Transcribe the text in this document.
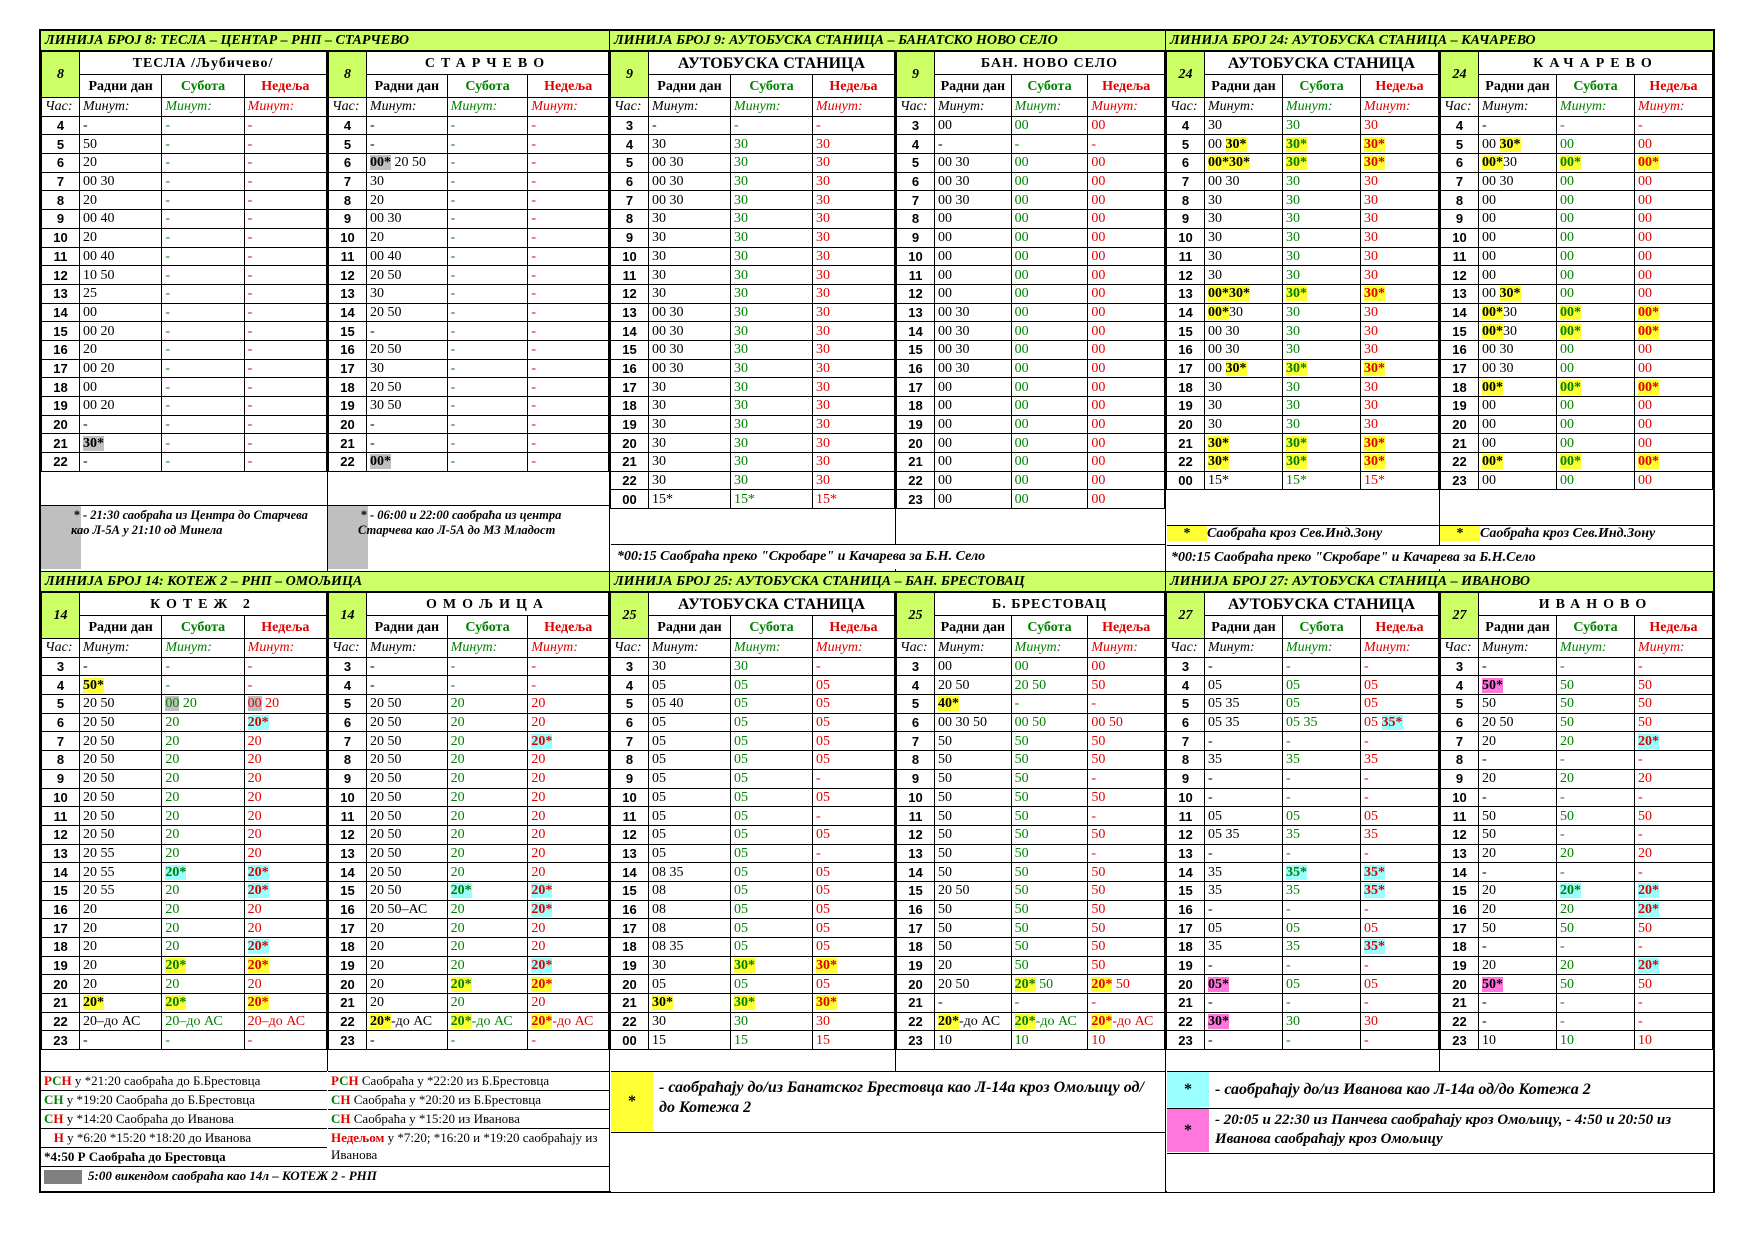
ЛИНИЈА БРОЈ 8: ТЕСЛА – ЦЕНТАР – РНП – СТАРЧЕВО
8	ТЕСЛА /Љубичево/		
	Радни дан	Субота	Недеља
Час:	Минут:	Минут:	Минут:
4	-	-	-
5	50	-	-
6	20	-	-
7	00 30	-	-
8	20	-	-
9	00 40	-	-
10	20	-	-
11	00 40	-	-
12	10 50	-	-
13	25	-	-
14	00	-	-
15	00 20	-	-
16	20	-	-
17	00 20	-	-
18	00	-	-
19	00 20	-	-
20	-	-	-
21	30*	-	-
22	-	-	-
8	СТАРЧЕВО		
	Радни дан	Субота	Недеља
Час:	Минут:	Минут:	Минут:
4	-	-	-
5	-	-	-
6	00* 20 50	-	-
7	30	-	-
8	20	-	-
9	00 30	-	-
10	20	-	-
11	00 40	-	-
12	20 50	-	-
13	30	-	-
14	20 50	-	-
15	-	-	-
16	20 50	-	-
17	30	-	-
18	20 50	-	-
19	30 50	-	-
20	-	-	-
21	-	-	-
22	00*	-	-
ЛИНИЈА БРОЈ 9: АУТОБУСКА СТАНИЦА – БАНАТСКО НОВО СЕЛО
9	АУТОБУСКА СТАНИЦА		
	Радни дан	Субота	Недеља
Час:	Минут:	Минут:	Минут:
3	-	-	-
4	30	30	30
5	00 30	30	30
6	00 30	30	30
7	00 30	30	30
8	30	30	30
9	30	30	30
10	30	30	30
11	30	30	30
12	30	30	30
13	00 30	30	30
14	00 30	30	30
15	00 30	30	30
16	00 30	30	30
17	30	30	30
18	30	30	30
19	30	30	30
20	30	30	30
21	30	30	30
22	30	30	30
00	15*	15*	15*
9	БАН. НОВО СЕЛО		
	Радни дан	Субота	Недеља
Час:	Минут:	Минут:	Минут:
3	00	00	00
4	-	-	-
5	00 30	00	00
6	00 30	00	00
7	00 30	00	00
8	00	00	00
9	00	00	00
10	00	00	00
11	00	00	00
12	00	00	00
13	00 30	00	00
14	00 30	00	00
15	00 30	00	00
16	00 30	00	00
17	00	00	00
18	00	00	00
19	00	00	00
20	00	00	00
21	00	00	00
22	00	00	00
23	00	00	00
ЛИНИЈА БРОЈ 24: АУТОБУСКА СТАНИЦА – КАЧАРЕВО
24	АУТОБУСКА СТАНИЦА		
	Радни дан	Субота	Недеља
Час:	Минут:	Минут:	Минут:
4	30	30	30
5	00 30*	30*	30*
6	00*30*	30*	30*
7	00 30	30	30
8	30	30	30
9	30	30	30
10	30	30	30
11	30	30	30
12	30	30	30
13	00*30*	30*	30*
14	00*30	30	30
15	00 30	30	30
16	00 30	30	30
17	00 30*	30*	30*
18	30	30	30
19	30	30	30
20	30	30	30
21	30*	30*	30*
22	30*	30*	30*
00	15*	15*	15*
24	КАЧАРЕВО		
	Радни дан	Субота	Недеља
Час:	Минут:	Минут:	Минут:
4	-	-	-
5	00 30*	00	00
6	00*30	00*	00*
7	00 30	00	00
8	00	00	00
9	00	00	00
10	00	00	00
11	00	00	00
12	00	00	00
13	00 30*	00	00
14	00*30	00*	00*
15	00*30	00*	00*
16	00 30	00	00
17	00 30	00	00
18	00*	00*	00*
19	00	00	00
20	00	00	00
21	00	00	00
22	00*	00*	00*
23	00	00	00
ЛИНИЈА БРОЈ 14: КОТЕЖ 2 – РНП – ОМОЉИЦА
14	КОТЕЖ 2		
	Радни дан	Субота	Недеља
Час:	Минут:	Минут:	Минут:
3	-	-	-
4	50*	-	-
5	20 50	00 20	00 20
6	20 50	20	20*
7	20 50	20	20
8	20 50	20	20
9	20 50	20	20
10	20 50	20	20
11	20 50	20	20
12	20 50	20	20
13	20 55	20	20
14	20 55	20*	20*
15	20 55	20	20*
16	20	20	20
17	20	20	20
18	20	20	20*
19	20	20*	20*
20	20	20	20
21	20*	20*	20*
22	20–до АС	20–до АС	20–до АС
23	-	-	-
14	ОМОЉИЦА		
	Радни дан	Субота	Недеља
Час:	Минут:	Минут:	Минут:
3	-	-	-
4	-	-	-
5	20 50	20	20
6	20 50	20	20
7	20 50	20	20*
8	20 50	20	20
9	20 50	20	20
10	20 50	20	20
11	20 50	20	20
12	20 50	20	20
13	20 50	20	20
14	20 50	20	20
15	20 50	20*	20*
16	20 50–АС	20	20*
17	20	20	20
18	20	20	20
19	20	20	20*
20	20	20*	20*
21	20	20	20
22	20*-до АС	20*-до АС	20*-до АС
23	-	-	-
ЛИНИЈА БРОЈ 25: АУТОБУСКА СТАНИЦА – БАН. БРЕСТОВАЦ
25	АУТОБУСКА СТАНИЦА		
	Радни дан	Субота	Недеља
Час:	Минут:	Минут:	Минут:
3	30	30	-
4	05	05	05
5	05 40	05	05
6	05	05	05
7	05	05	05
8	05	05	05
9	05	05	-
10	05	05	05
11	05	05	-
12	05	05	05
13	05	05	-
14	08 35	05	05
15	08	05	05
16	08	05	05
17	08	05	05
18	08 35	05	05
19	30	30*	30*
20	05	05	05
21	30*	30*	30*
22	30	30	30
00	15	15	15
25	Б. БРЕСТОВАЦ		
	Радни дан	Субота	Недеља
Час:	Минут:	Минут:	Минут:
3	00	00	00
4	20 50	20 50	50
5	40*	-	-
6	00 30 50	00 50	00 50
7	50	50	50
8	50	50	50
9	50	50	-
10	50	50	50
11	50	50	-
12	50	50	50
13	50	50	-
14	50	50	50
15	20 50	50	50
16	50	50	50
17	50	50	50
18	50	50	50
19	20	50	50
20	20 50	20* 50	20* 50
21	-	-	-
22	20*-до АС	20*-до АС	20*-до АС
23	10	10	10
ЛИНИЈА БРОЈ 27: АУТОБУСКА СТАНИЦА – ИВАНОВО
27	АУТОБУСКА СТАНИЦА		
	Радни дан	Субота	Недеља
Час:	Минут:	Минут:	Минут:
3	-	-	-
4	05	05	05
5	05 35	05	05
6	05 35	05 35	05 35*
7	-	-	-
8	35	35	35
9	-	-	-
10	-	-	-
11	05	05	05
12	05 35	35	35
13	-	-	-
14	35	35*	35*
15	35	35	35*
16	-	-	-
17	05	05	05
18	35	35	35*
19	-	-	-
20	05*	05	05
21	-	-	-
22	30*	30	30
23	-	-	-
27	ИВАНОВО		
	Радни дан	Субота	Недеља
Час:	Минут:	Минут:	Минут:
3	-	-	-
4	50*	50	50
5	50	50	50
6	20 50	50	50
7	20	20	20*
8	-	-	-
9	20	20	20
10	-	-	-
11	50	50	50
12	50	-	-
13	20	20	20
14	-	-	-
15	20	20*	20*
16	20	20	20*
17	50	50	50
18	-	-	-
19	20	20	20*
20	50*	50	50
21	-	-	-
22	-	-	-
23	10	10	10
* - 21:30 саобраћа из Центра до Старчева као Л-5А у 21:10 од Минела
* - 06:00 и 22:00 саобраћа из центра Старчева као Л-5А до МЗ Младост
*00:15 Саобраћа преко "Скробаре" и Качарева за Б.Н. Село
* Саобраћа кроз Сев.Инд.Зону	* Саобраћа кроз Сев.Инд.Зону
*00:15 Саобраћа преко "Скробаре" и Качарева за Б.Н.Село
РСН у *21:20 саобраћа до Б.Брестовца
СН у *19:20 Саобраћа до Б.Брестовца
СН у *14:20 Саобраћа до Иванова
Н у *6:20 *15:20 *18:20 до Иванова
*4:50 Р Саобраћа до Брестовца
РСН Саобраћа у *22:20 из Б.Брестовца
СН Саобраћа у *20:20 из Б.Брестовца
СН Саобраћа у *15:20 из Иванова
Недељом у *7:20; *16:20 и *19:20 саобраћају из Иванова
5:00 викендом саобраћа као 14л – КОТЕЖ 2 - РНП
*
- саобраћају до/из Банатског Брестовца као Л-14а кроз Омољицу од/до Котежа 2
*	- саобраћају до/из Иванова као Л-14а од/до Котежа 2
*
- 20:05 и 22:30 из Панчева саобраћају кроз Омољицу, - 4:50 и 20:50 из Иванова саобраћају кроз Омољицу
